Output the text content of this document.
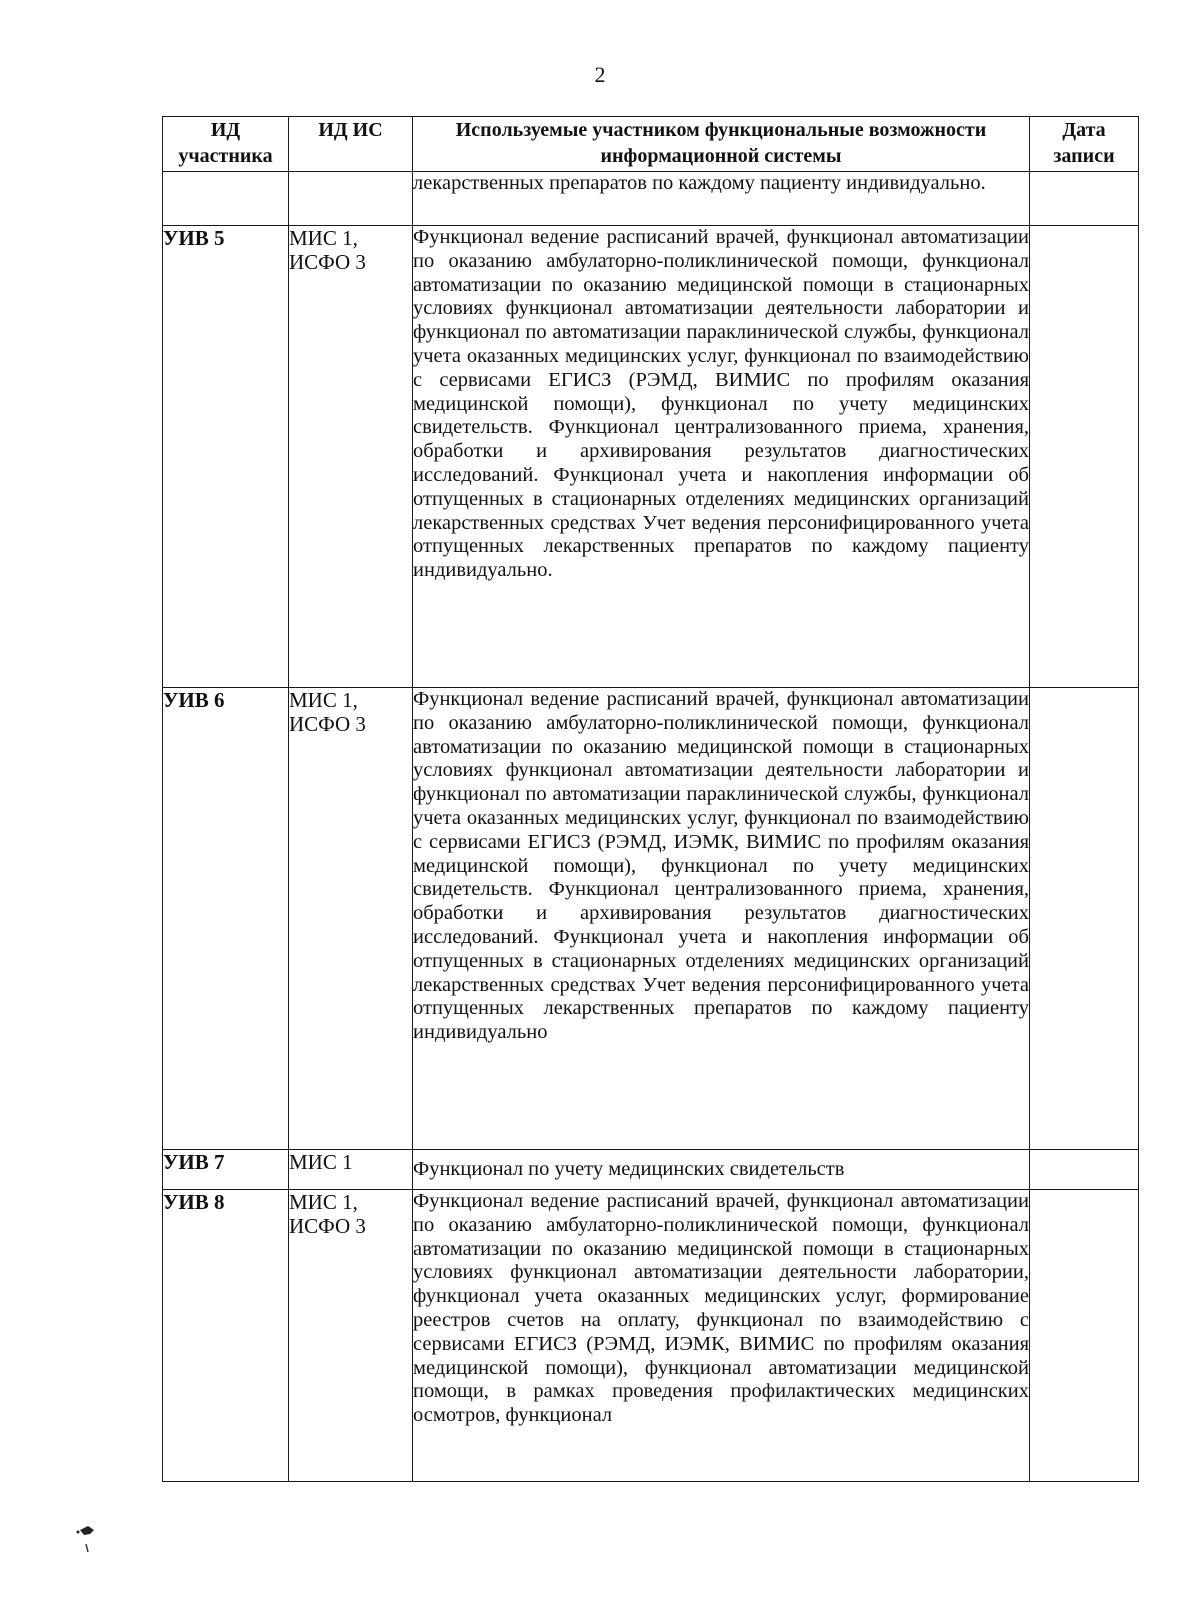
2
ИД участника	ИД ИС	Используемые участником функциональные возможности информационной системы	Дата записи
		лекарственных препаратов по каждому пациенту индивидуально.	
УИВ 5	МИС 1, ИСФО 3	Функционал ведение расписаний врачей, функционал автоматизации по оказанию амбулаторно-поликлинической помощи, функционал автоматизации по оказанию медицинской помощи в стационарных условиях функционал автоматизации деятельности лаборатории и функционал по автоматизации параклинической службы, функционал учета оказанных медицинских услуг, функционал по взаимодействию с сервисами ЕГИСЗ (РЭМД, ВИМИС по профилям оказания медицинской помощи), функционал по учету медицинских свидетельств. Функционал централизованного приема, хранения, обработки и архивирования результатов диагностических исследований. Функционал учета и накопления информации об отпущенных в стационарных отделениях медицинских организаций лекарственных средствах Учет ведения персонифицированного учета отпущенных лекарственных препаратов по каждому пациенту индивидуально.	
УИВ 6	МИС 1, ИСФО 3	Функционал ведение расписаний врачей, функционал автоматизации по оказанию амбулаторно-поликлинической помощи, функционал автоматизации по оказанию медицинской помощи в стационарных условиях функционал автоматизации деятельности лаборатории и функционал по автоматизации параклинической службы, функционал учета оказанных медицинских услуг, функционал по взаимодействию с сервисами ЕГИСЗ (РЭМД, ИЭМК, ВИМИС по профилям оказания медицинской помощи), функционал по учету медицинских свидетельств. Функционал централизованного приема, хранения, обработки и архивирования результатов диагностических исследований. Функционал учета и накопления информации об отпущенных в стационарных отделениях медицинских организаций лекарственных средствах Учет ведения персонифицированного учета отпущенных лекарственных препаратов по каждому пациенту индивидуально	
УИВ 7	МИС 1	Функционал по учету медицинских свидетельств	
УИВ 8	МИС 1, ИСФО 3	Функционал ведение расписаний врачей, функционал автоматизации по оказанию амбулаторно-поликлинической помощи, функционал автоматизации по оказанию медицинской помощи в стационарных условиях функционал автоматизации деятельности лаборатории, функционал учета оказанных медицинских услуг, формирование реестров счетов на оплату, функционал по взаимодействию с сервисами ЕГИСЗ (РЭМД, ИЭМК, ВИМИС по профилям оказания медицинской помощи), функционал автоматизации медицинской помощи, в рамках проведения профилактических медицинских осмотров, функционал	
